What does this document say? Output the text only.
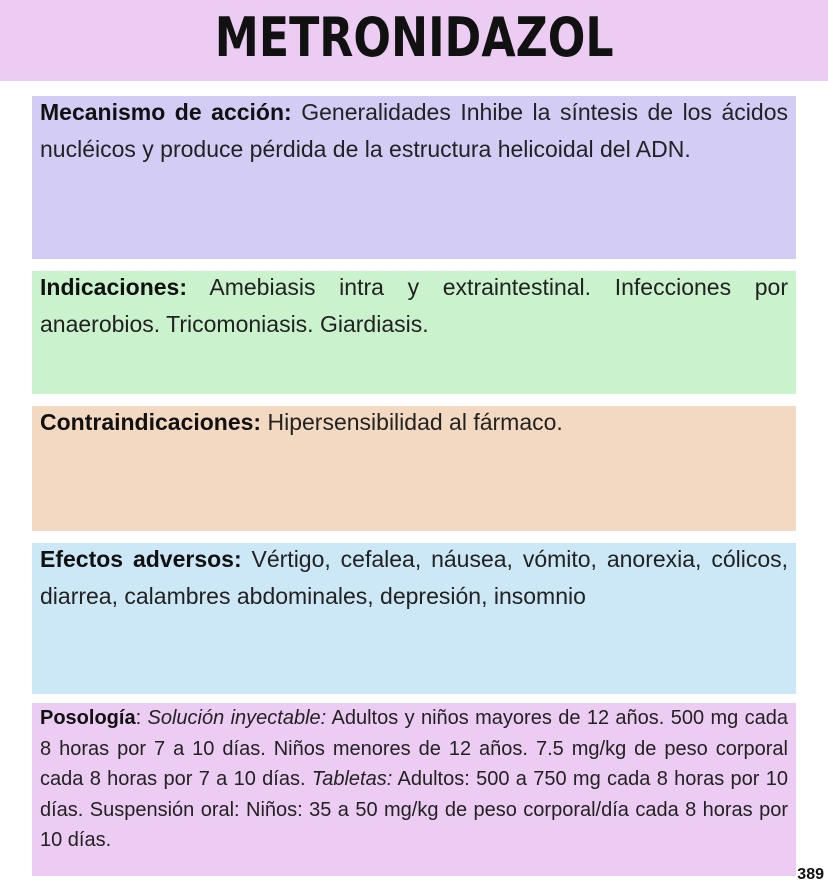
METRONIDAZOL
Mecanismo de acción: Generalidades Inhibe la síntesis de los ácidos nucléicos y produce pérdida de la estructura helicoidal del ADN.
Indicaciones: Amebiasis intra y extraintestinal. Infecciones por anaerobios. Tricomoniasis. Giardiasis.
Contraindicaciones: Hipersensibilidad al fármaco.
Efectos adversos: Vértigo, cefalea, náusea, vómito, anorexia, cólicos, diarrea, calambres abdominales, depresión, insomnio
Posología: Solución inyectable: Adultos y niños mayores de 12 años. 500 mg cada 8 horas por 7 a 10 días. Niños menores de 12 años. 7.5 mg/kg de peso corporal cada 8 horas por 7 a 10 días. Tabletas: Adultos: 500 a 750 mg cada 8 horas por 10 días. Suspensión oral: Niños: 35 a 50 mg/kg de peso corporal/día cada 8 horas por 10 días.
389
